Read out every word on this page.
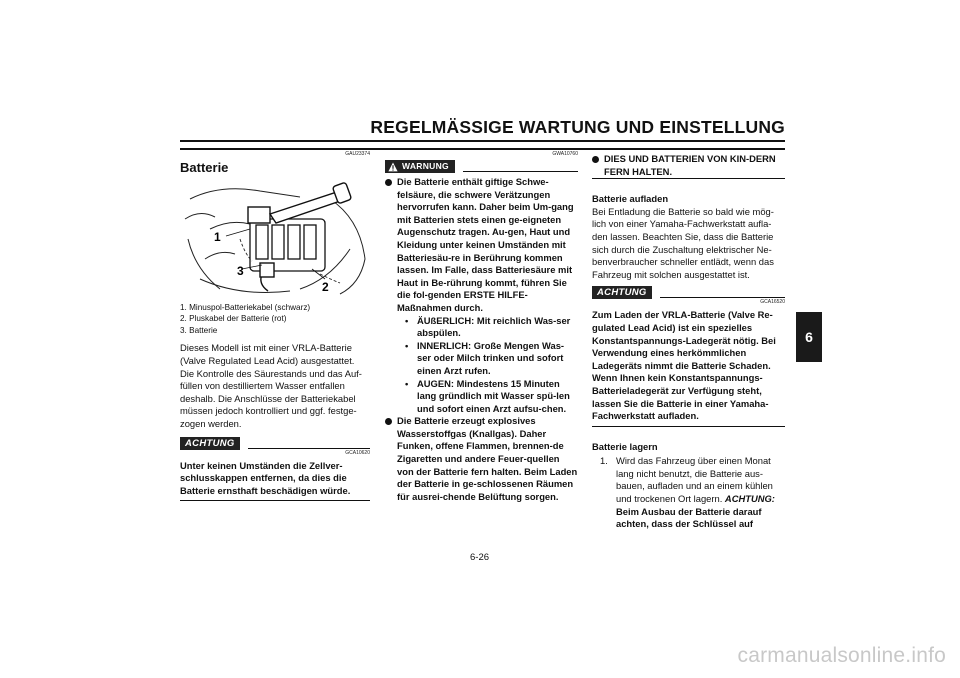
REGELMÄSSIGE WARTUNG UND EINSTELLUNG
6
GAU23374
Batterie
1
2
3
1. Minuspol-Batteriekabel (schwarz)
2. Pluskabel der Batterie (rot)
3. Batterie
Dieses Modell ist mit einer VRLA-Batterie (Valve Regulated Lead Acid) ausgestattet. Die Kontrolle des Säurestands und das Auf-füllen von destilliertem Wasser entfallen deshalb. Die Anschlüsse der Batteriekabel müssen jedoch kontrolliert und ggf. festge-zogen werden.
ACHTUNG
GCA10620
Unter keinen Umständen die Zellver-schlusskappen entfernen, da dies die Batterie ernsthaft beschädigen würde.
GWA10760
WARNUNG
Die Batterie enthält giftige Schwe-felsäure, die schwere Verätzungen hervorrufen kann. Daher beim Um-gang mit Batterien stets einen ge-eigneten Augenschutz tragen. Au-gen, Haut und Kleidung unter keinen Umständen mit Batteriesäu-re in Berührung kommen lassen. Im Falle, dass Batteriesäure mit Haut in Be-rührung kommt, führen Sie die fol-genden ERSTE HILFE-Maßnahmen durch.
• ÄUßERLICH: Mit reichlich Was-ser abspülen.
• INNERLICH: Große Mengen Was-ser oder Milch trinken und sofort einen Arzt rufen.
• AUGEN: Mindestens 15 Minuten lang gründlich mit Wasser spü-len und sofort einen Arzt aufsu-chen.
Die Batterie erzeugt explosives Wasserstoffgas (Knallgas). Daher Funken, offene Flammen, brennen-de Zigaretten und andere Feuer-quellen von der Batterie fern halten. Beim Laden der Batterie in ge-schlossenen Räumen für ausrei-chende Belüftung sorgen.
DIES UND BATTERIEN VON KIN-DERN FERN HALTEN.
Batterie aufladen
Bei Entladung die Batterie so bald wie mög-lich von einer Yamaha-Fachwerkstatt aufla-den lassen. Beachten Sie, dass die Batterie sich durch die Zuschaltung elektrischer Ne-benverbraucher schneller entlädt, wenn das Fahrzeug mit solchen ausgestattet ist.
ACHTUNG
GCA16520
Zum Laden der VRLA-Batterie (Valve Re-gulated Lead Acid) ist ein spezielles Konstantspannungs-Ladegerät nötig. Bei Verwendung eines herkömmlichen Ladegeräts nimmt die Batterie Schaden. Wenn Ihnen kein Konstantspannungs-Batterieladegerät zur Verfügung steht, lassen Sie die Batterie in einer Yamaha-Fachwerkstatt aufladen.
Batterie lagern
1. Wird das Fahrzeug über einen Monat lang nicht benutzt, die Batterie aus-bauen, aufladen und an einem kühlen und trockenen Ort lagern. ACHTUNG: Beim Ausbau der Batterie darauf achten, dass der Schlüssel auf
6-26
carmanualsonline.info
